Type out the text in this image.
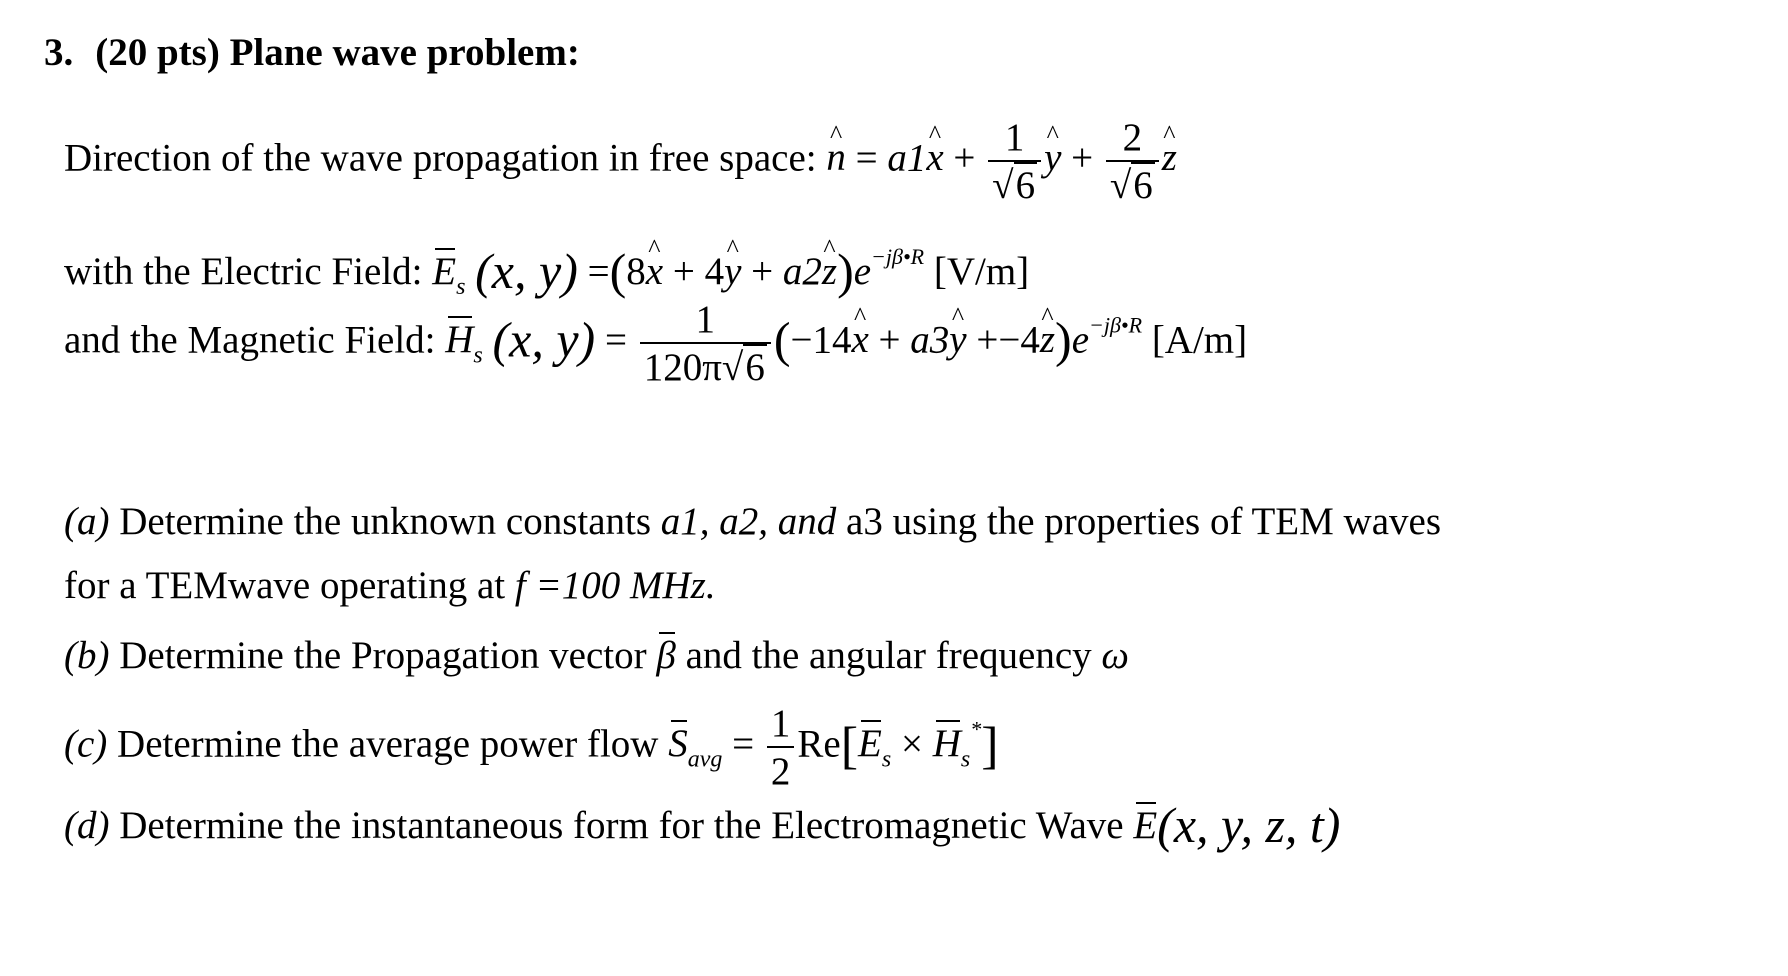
3. (20 pts) Plane wave problem:
Direction of the wave propagation in free space: n ^ = a1x ^ + $\frac{1}{√6}$ y ^ + $\frac{2}{√6}$ z ^
with the Electric Field: $E_s$ (x, y) =(8x ^ + 4y ^ + a2z $\^{})e^{-j\beta•R}$ [V/m]
and the Magnetic Field: $H_s$ (x, $y) = \frac{1}{120\pi√6} (-14x$ ^ + a3y ^ +−4z $\^{})e^{-j\beta•R}$ [A/m]
(a) Determine the unknown constants a1, a2, and a3 using the properties of TEM waves
for a TEMwave operating at f =100 MHz.
(b) Determine the Propagation vector β and the angular frequency ω
(c) Determine the average power flow $S_{avg} = \frac{1}{2} Re[E_s \times H_s^*]$
(d) Determine the instantaneous form for the Electromagnetic Wave E(x, y, z, t)
